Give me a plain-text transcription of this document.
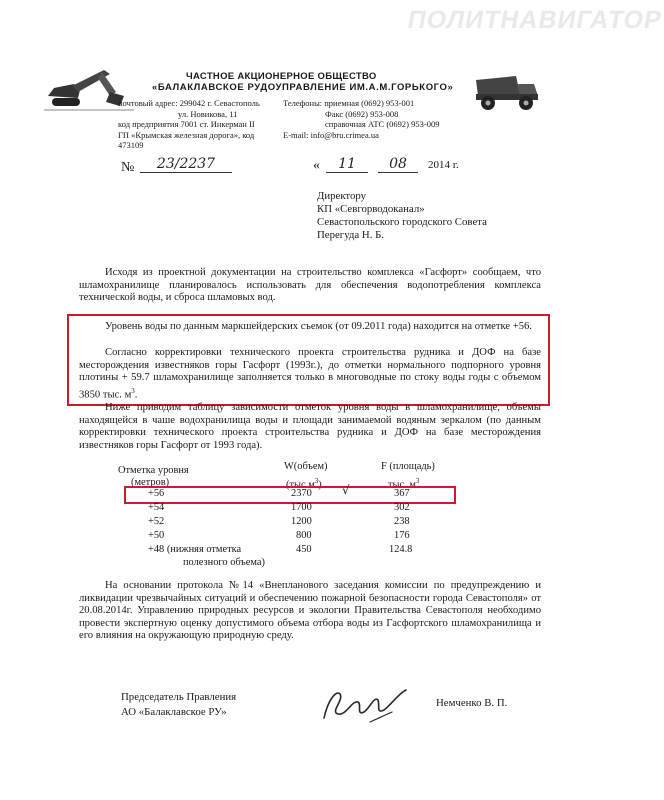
ПОЛИТНАВИГАТОР
ЧАСТНОЕ АКЦИОНЕРНОЕ ОБЩЕСТВО
«БАЛАКЛАВСКОЕ РУДОУПРАВЛЕНИЕ ИМ.А.М.ГОРЬКОГО»
почтовый адрес: 299042 г. Севастополь
ул. Новикова, 11
код предприятия 7001 ст. Инкерман II
ГП «Крымская железная дорога», код
473109
Телефоны: приемная (0692) 953-001
Факс (0692) 953-008
справочная АТС (0692) 953-009
E-mail: info@bru.crimea.ua
№	23/2237	«	11	08	2014 г.
Директору
КП «Севгорводоканал»
Севастопольского городского Совета
Перегуда Н. Б.
Исходя из проектной документации на строительство комплекса «Гасфорт» сообщаем, что шламохранилище планировалось использовать для обеспечения водопотребления комплекса технической воды, и сброса шламовых вод.
Уровень воды по данным маркшейдерских съемок (от 09.2011 года) находится на отметке +56.
Согласно корректировки технического проекта строительства рудника и ДОФ на базе месторождения известняков горы Гасфорт (1993г.), до отметки нормального подпорного уровня плотины + 59.7 шламохранилище заполняется только в многоводные по стоку воды годы с объемом 3850 тыс. $м^3$.
Ниже приводим таблицу зависимости отметок уровня воды в шламохранилище, объемы находящейся в чаше водохранилища воды и площади занимаемой водяным зеркалом (по данным корректировки технического проекта строительства рудника и ДОФ на базе месторождения известняков горы Гасфорт от 1993 года).
Отметка уровня
(метров)
W(объем)
$(тыс.м^3)$
F (площадь)
тыс. $м^3$
+56	2370	√	367
+54	1700	302
+52	1200	238
+50	800	176
+48 (нижняя отметка	450	124.8
полезного объема)
На основании протокола №14 «Внепланового заседания комиссии по предупреждению и ликвидации чрезвычайных ситуаций и обеспечению пожарной безопасности города Севастополя» от 20.08.2014г. Управлению природных ресурсов и экологии Правительства Севастополя необходимо провести экспертную оценку допустимого объема отбора воды из Гасфортского шламохранилища и его влияния на окружающую природную среду.
Председатель Правления
АО «Балаклавское РУ»
Немченко В. П.
